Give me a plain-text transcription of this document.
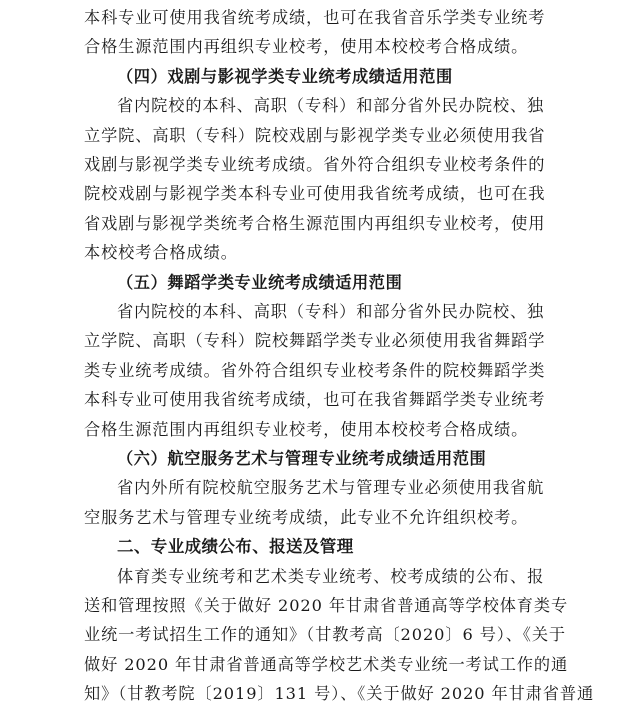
本科专业可使用我省统考成绩，也可在我省音乐学类专业统考
合格生源范围内再组织专业校考，使用本校校考合格成绩。
（四）戏剧与影视学类专业统考成绩适用范围
省内院校的本科、高职（专科）和部分省外民办院校、独
立学院、高职（专科）院校戏剧与影视学类专业必须使用我省
戏剧与影视学类专业统考成绩。省外符合组织专业校考条件的
院校戏剧与影视学类本科专业可使用我省统考成绩，也可在我
省戏剧与影视学类统考合格生源范围内再组织专业校考，使用
本校校考合格成绩。
（五）舞蹈学类专业统考成绩适用范围
省内院校的本科、高职（专科）和部分省外民办院校、独
立学院、高职（专科）院校舞蹈学类专业必须使用我省舞蹈学
类专业统考成绩。省外符合组织专业校考条件的院校舞蹈学类
本科专业可使用我省统考成绩，也可在我省舞蹈学类专业统考
合格生源范围内再组织专业校考，使用本校校考合格成绩。
（六）航空服务艺术与管理专业统考成绩适用范围
省内外所有院校航空服务艺术与管理专业必须使用我省航
空服务艺术与管理专业统考成绩，此专业不允许组织校考。
二、专业成绩公布、报送及管理
体育类专业统考和艺术类专业统考、校考成绩的公布、报
送和管理按照《关于做好 2020 年甘肃省普通高等学校体育类专
业统一考试招生工作的通知》（甘教考高〔2020〕6 号）、《关于
做好 2020 年甘肃省普通高等学校艺术类专业统一考试工作的通
知》（甘教考院〔2019〕131 号）、《关于做好 2020 年甘肃省普通
